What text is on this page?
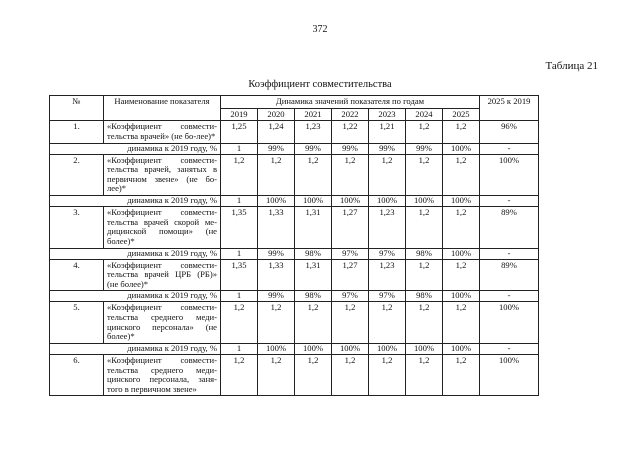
372
Таблица 21
Коэффициент совместительства
№	Наименование показателя	Динамика значений показателя по годам							2025 к 2019
		2019	2020	2021	2022	2023	2024	2025	
1.	«Коэффициент совмести-тельства врачей» (не бо-лее)*	1,25	1,24	1,23	1,22	1,21	1,2	1,2	96%
динамика к 2019 году, %		1	99%	99%	99%	99%	99%	100%	-
2.	«Коэффициент совмести-тельства врачей, занятых в первичном звене» (не бо-лее)*	1,2	1,2	1,2	1,2	1,2	1,2	1,2	100%
динамика к 2019 году, %		1	100%	100%	100%	100%	100%	100%	-
3.	«Коэффициент совмести-тельства врачей скорой ме-дицинской помощи» (не более)*	1,35	1,33	1,31	1,27	1,23	1,2	1,2	89%
динамика к 2019 году, %		1	99%	98%	97%	97%	98%	100%	-
4.	«Коэффициент совмести-тельства врачей ЦРБ (РБ)» (не более)*	1,35	1,33	1,31	1,27	1,23	1,2	1,2	89%
динамика к 2019 году, %		1	99%	98%	97%	97%	98%	100%	-
5.	«Коэффициент совмести-тельства среднего меди-цинского персонала» (не более)*	1,2	1,2	1,2	1,2	1,2	1,2	1,2	100%
динамика к 2019 году, %		1	100%	100%	100%	100%	100%	100%	-
6.	«Коэффициент совмести-тельства среднего меди-цинского персонала, заня-того в первичном звене»	1,2	1,2	1,2	1,2	1,2	1,2	1,2	100%
